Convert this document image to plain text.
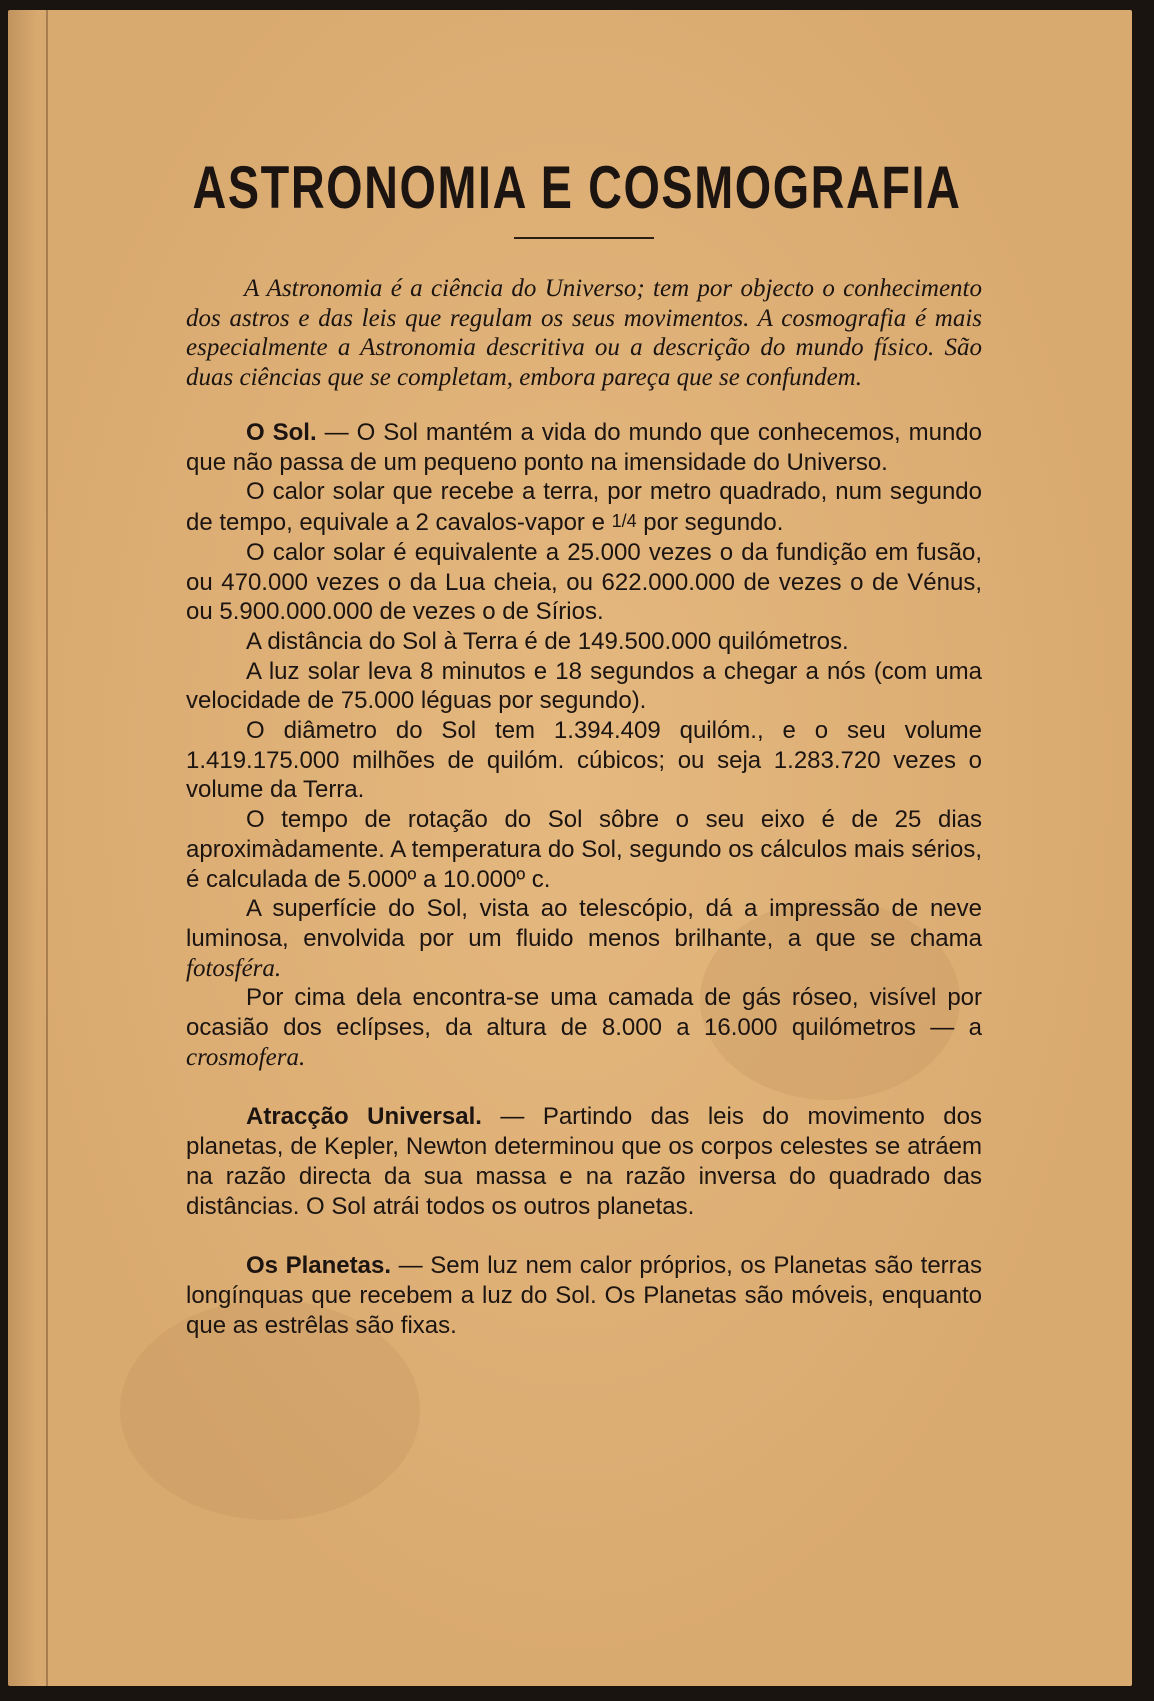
ASTRONOMIA E COSMOGRAFIA

A Astronomia é a ciência do Universo; tem por objecto o conhecimento dos astros e das leis que regulam os seus movimentos. A cosmografia é mais especialmente a Astronomia descritiva ou a descrição do mundo físico. São duas ciências que se completam, embora pareça que se confundem.

O Sol. — O Sol mantém a vida do mundo que conhecemos, mundo que não passa de um pequeno ponto na imensidade do Universo.

O calor solar que recebe a terra, por metro quadrado, num segundo de tempo, equivale a 2 cavalos-vapor e 1/4 por segundo.

O calor solar é equivalente a 25.000 vezes o da fundição em fusão, ou 470.000 vezes o da Lua cheia, ou 622.000.000 de vezes o de Vénus, ou 5.900.000.000 de vezes o de Sírios.

A distância do Sol à Terra é de 149.500.000 quilómetros.

A luz solar leva 8 minutos e 18 segundos a chegar a nós (com uma velocidade de 75.000 léguas por segundo).

O diâmetro do Sol tem 1.394.409 quilóm., e o seu volume 1.419.175.000 milhões de quilóm. cúbicos; ou seja 1.283.720 vezes o volume da Terra.

O tempo de rotação do Sol sôbre o seu eixo é de 25 dias aproximàdamente. A temperatura do Sol, segundo os cálculos mais sérios, é calculada de 5.000º a 10.000º c.

A superfície do Sol, vista ao telescópio, dá a impressão de neve luminosa, envolvida por um fluido menos brilhante, a que se chama fotosféra.

Por cima dela encontra-se uma camada de gás róseo, visível por ocasião dos eclípses, da altura de 8.000 a 16.000 quilómetros — a crosmofera.

Atracção Universal. — Partindo das leis do movimento dos planetas, de Kepler, Newton determinou que os corpos celestes se atráem na razão directa da sua massa e na razão inversa do quadrado das distâncias. O Sol atrái todos os outros planetas.

Os Planetas. — Sem luz nem calor próprios, os Planetas são terras longínquas que recebem a luz do Sol. Os Planetas são móveis, enquanto que as estrêlas são fixas.
